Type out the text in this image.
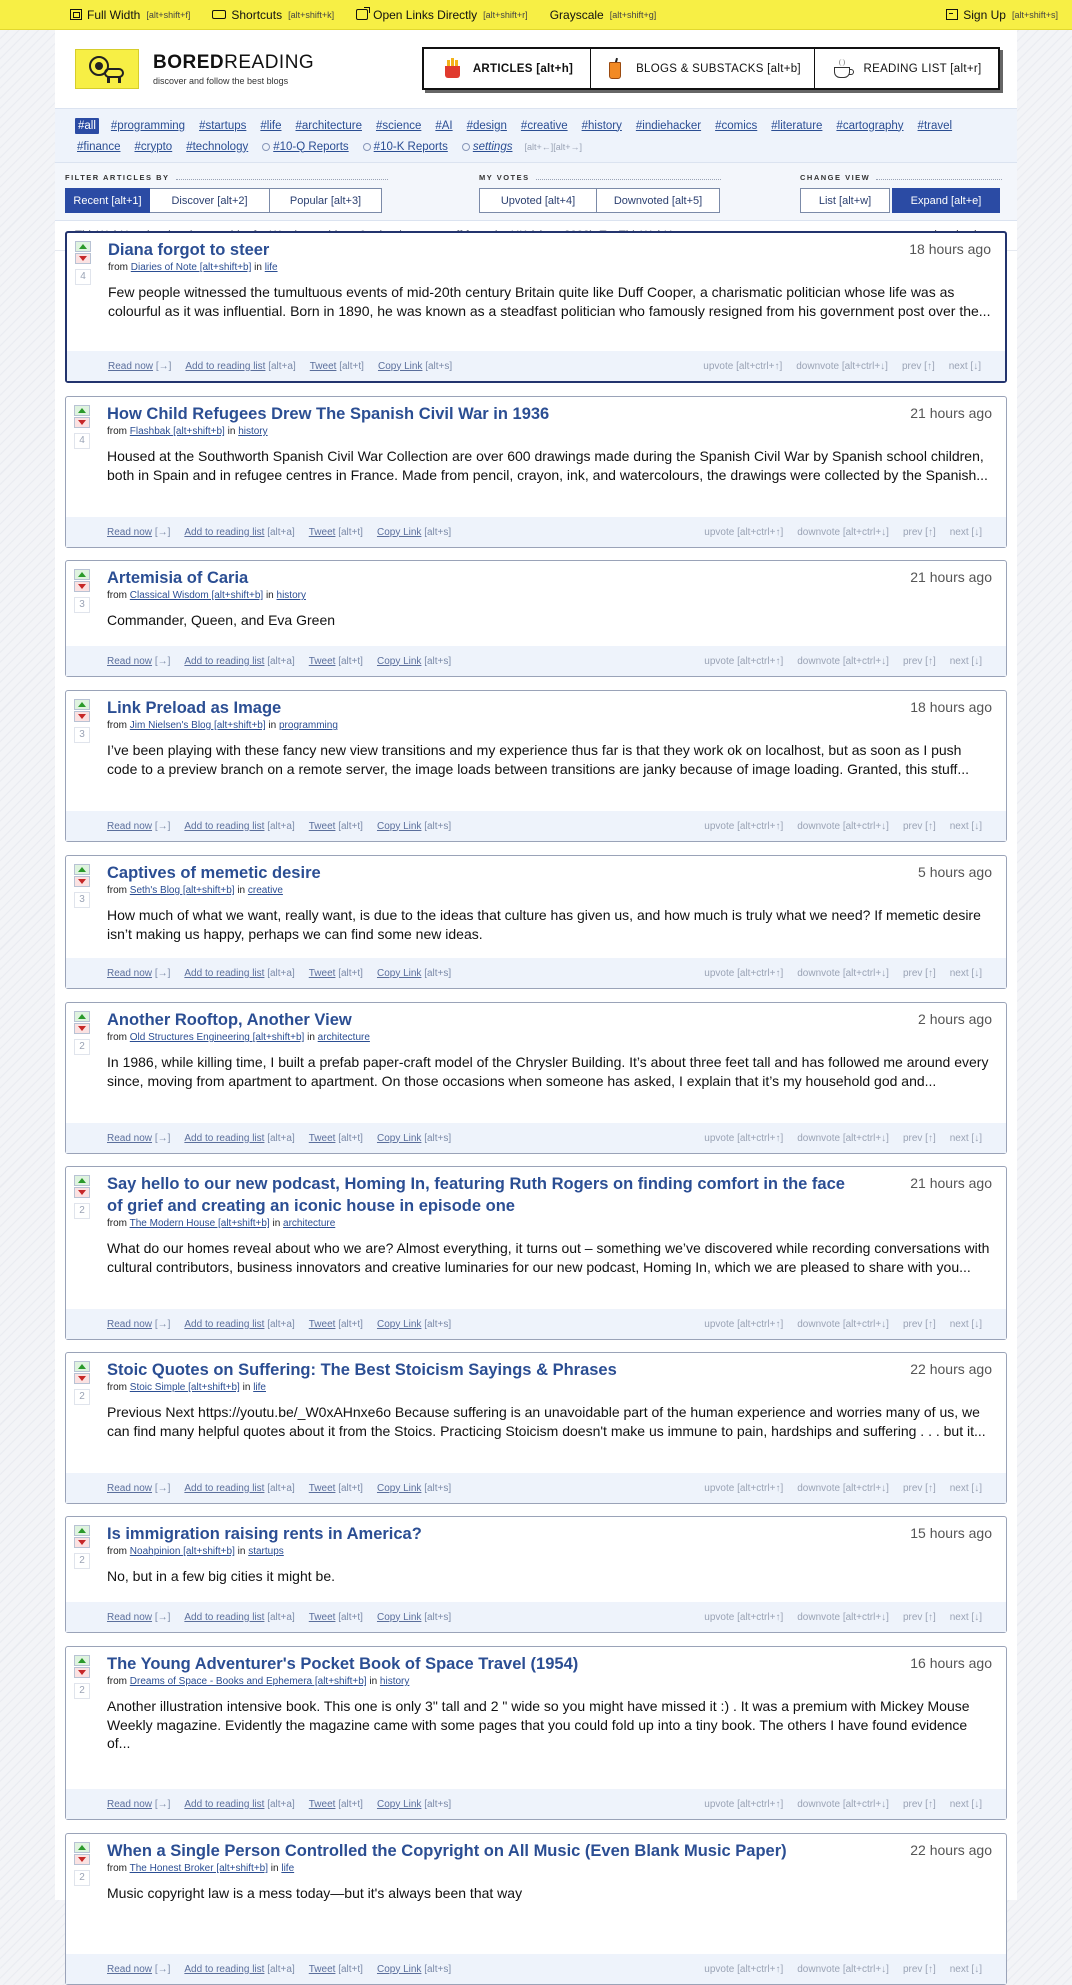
Full Width [alt+shift+f]	Shortcuts [alt+shift+k]	Open Links Directly [alt+shift+r] Grayscale [alt+shift+g]	Sign Up [alt+shift+s]
BOREDREADING
discover and follow the best blogs
ARTICLES [alt+h]	BLOGS & SUBSTACKS [alt+b]	READING LIST [alt+r]
#all #programming #startups #life #architecture #science #AI #design #creative #history #indiehacker #comics #literature #cartography #travel
#finance #crypto #technology	#10-Q Reports	#10-K Reports	settings [alt+←][alt+→]
FILTER ARTICLES BY
Recent [alt+1]	Discover [alt+2]	Popular [alt+3]
MY VOTES
Upvoted [alt+4]	Downvoted [alt+5]
CHANGE VIEW
List [alt+w]	Expand [alt+e]
4
Diana forgot to steer	18 hours ago
from Diaries of Note [alt+shift+b] in life
Few people witnessed the tumultuous events of mid-20th century Britain quite like Duff Cooper, a charismatic politician whose life was as colourful as it was influential. Born in 1890, he was known as a steadfast politician who famously resigned from his government post over the...
Read now [→] Add to reading list [alt+a] Tweet [alt+t] Copy Link [alt+s]	upvote [alt+ctrl+↑] downvote [alt+ctrl+↓] prev [↑] next [↓]
4
How Child Refugees Drew The Spanish Civil War in 1936	21 hours ago
from Flashbak [alt+shift+b] in history
Housed at the Southworth Spanish Civil War Collection are over 600 drawings made during the Spanish Civil War by Spanish school children, both in Spain and in refugee centres in France. Made from pencil, crayon, ink, and watercolours, the drawings were collected by the Spanish...
Read now [→] Add to reading list [alt+a] Tweet [alt+t] Copy Link [alt+s]	upvote [alt+ctrl+↑] downvote [alt+ctrl+↓] prev [↑] next [↓]
3
Artemisia of Caria	21 hours ago
from Classical Wisdom [alt+shift+b] in history
Commander, Queen, and Eva Green
Read now [→] Add to reading list [alt+a] Tweet [alt+t] Copy Link [alt+s]	upvote [alt+ctrl+↑] downvote [alt+ctrl+↓] prev [↑] next [↓]
3
Link Preload as Image	18 hours ago
from Jim Nielsen's Blog [alt+shift+b] in programming
I’ve been playing with these fancy new view transitions and my experience thus far is that they work ok on localhost, but as soon as I push code to a preview branch on a remote server, the image loads between transitions are janky because of image loading. Granted, this stuff...
Read now [→] Add to reading list [alt+a] Tweet [alt+t] Copy Link [alt+s]	upvote [alt+ctrl+↑] downvote [alt+ctrl+↓] prev [↑] next [↓]
3
Captives of memetic desire	5 hours ago
from Seth's Blog [alt+shift+b] in creative
How much of what we want, really want, is due to the ideas that culture has given us, and how much is truly what we need? If memetic desire isn’t making us happy, perhaps we can find some new ideas.
Read now [→] Add to reading list [alt+a] Tweet [alt+t] Copy Link [alt+s]	upvote [alt+ctrl+↑] downvote [alt+ctrl+↓] prev [↑] next [↓]
2
Another Rooftop, Another View	2 hours ago
from Old Structures Engineering [alt+shift+b] in architecture
In 1986, while killing time, I built a prefab paper-craft model of the Chrysler Building. It’s about three feet tall and has followed me around every since, moving from apartment to apartment. On those occasions when someone has asked, I explain that it’s my household god and...
Read now [→] Add to reading list [alt+a] Tweet [alt+t] Copy Link [alt+s]	upvote [alt+ctrl+↑] downvote [alt+ctrl+↓] prev [↑] next [↓]
2
Say hello to our new podcast, Homing In, featuring Ruth Rogers on finding comfort in the face of grief and creating an iconic house in episode one
21 hours ago
from The Modern House [alt+shift+b] in architecture
What do our homes reveal about who we are? Almost everything, it turns out – something we’ve discovered while recording conversations with cultural contributors, business innovators and creative luminaries for our new podcast, Homing In, which we are pleased to share with you...
Read now [→] Add to reading list [alt+a] Tweet [alt+t] Copy Link [alt+s]	upvote [alt+ctrl+↑] downvote [alt+ctrl+↓] prev [↑] next [↓]
2
Stoic Quotes on Suffering: The Best Stoicism Sayings & Phrases	22 hours ago
from Stoic Simple [alt+shift+b] in life
Previous Next https://youtu.be/_W0xAHnxe6o Because suffering is an unavoidable part of the human experience and worries many of us, we can find many helpful quotes about it from the Stoics. Practicing Stoicism doesn't make us immune to pain, hardships and suffering . . . but it...
Read now [→] Add to reading list [alt+a] Tweet [alt+t] Copy Link [alt+s]	upvote [alt+ctrl+↑] downvote [alt+ctrl+↓] prev [↑] next [↓]
2
Is immigration raising rents in America?	15 hours ago
from Noahpinion [alt+shift+b] in startups
No, but in a few big cities it might be.
Read now [→] Add to reading list [alt+a] Tweet [alt+t] Copy Link [alt+s]	upvote [alt+ctrl+↑] downvote [alt+ctrl+↓] prev [↑] next [↓]
2
The Young Adventurer's Pocket Book of Space Travel (1954)	16 hours ago
from Dreams of Space - Books and Ephemera [alt+shift+b] in history
Another illustration intensive book. This one is only 3" tall and 2 " wide so you might have missed it :) . It was a premium with Mickey Mouse Weekly magazine. Evidently the magazine came with some pages that you could fold up into a tiny book. The others I have found evidence of...
Read now [→] Add to reading list [alt+a] Tweet [alt+t] Copy Link [alt+s]	upvote [alt+ctrl+↑] downvote [alt+ctrl+↓] prev [↑] next [↓]
2
When a Single Person Controlled the Copyright on All Music (Even Blank Music Paper)	22 hours ago
from The Honest Broker [alt+shift+b] in life
Music copyright law is a mess today—but it's always been that way
Read now [→] Add to reading list [alt+a] Tweet [alt+t] Copy Link [alt+s]	upvote [alt+ctrl+↑] downvote [alt+ctrl+↓] prev [↑] next [↓]
